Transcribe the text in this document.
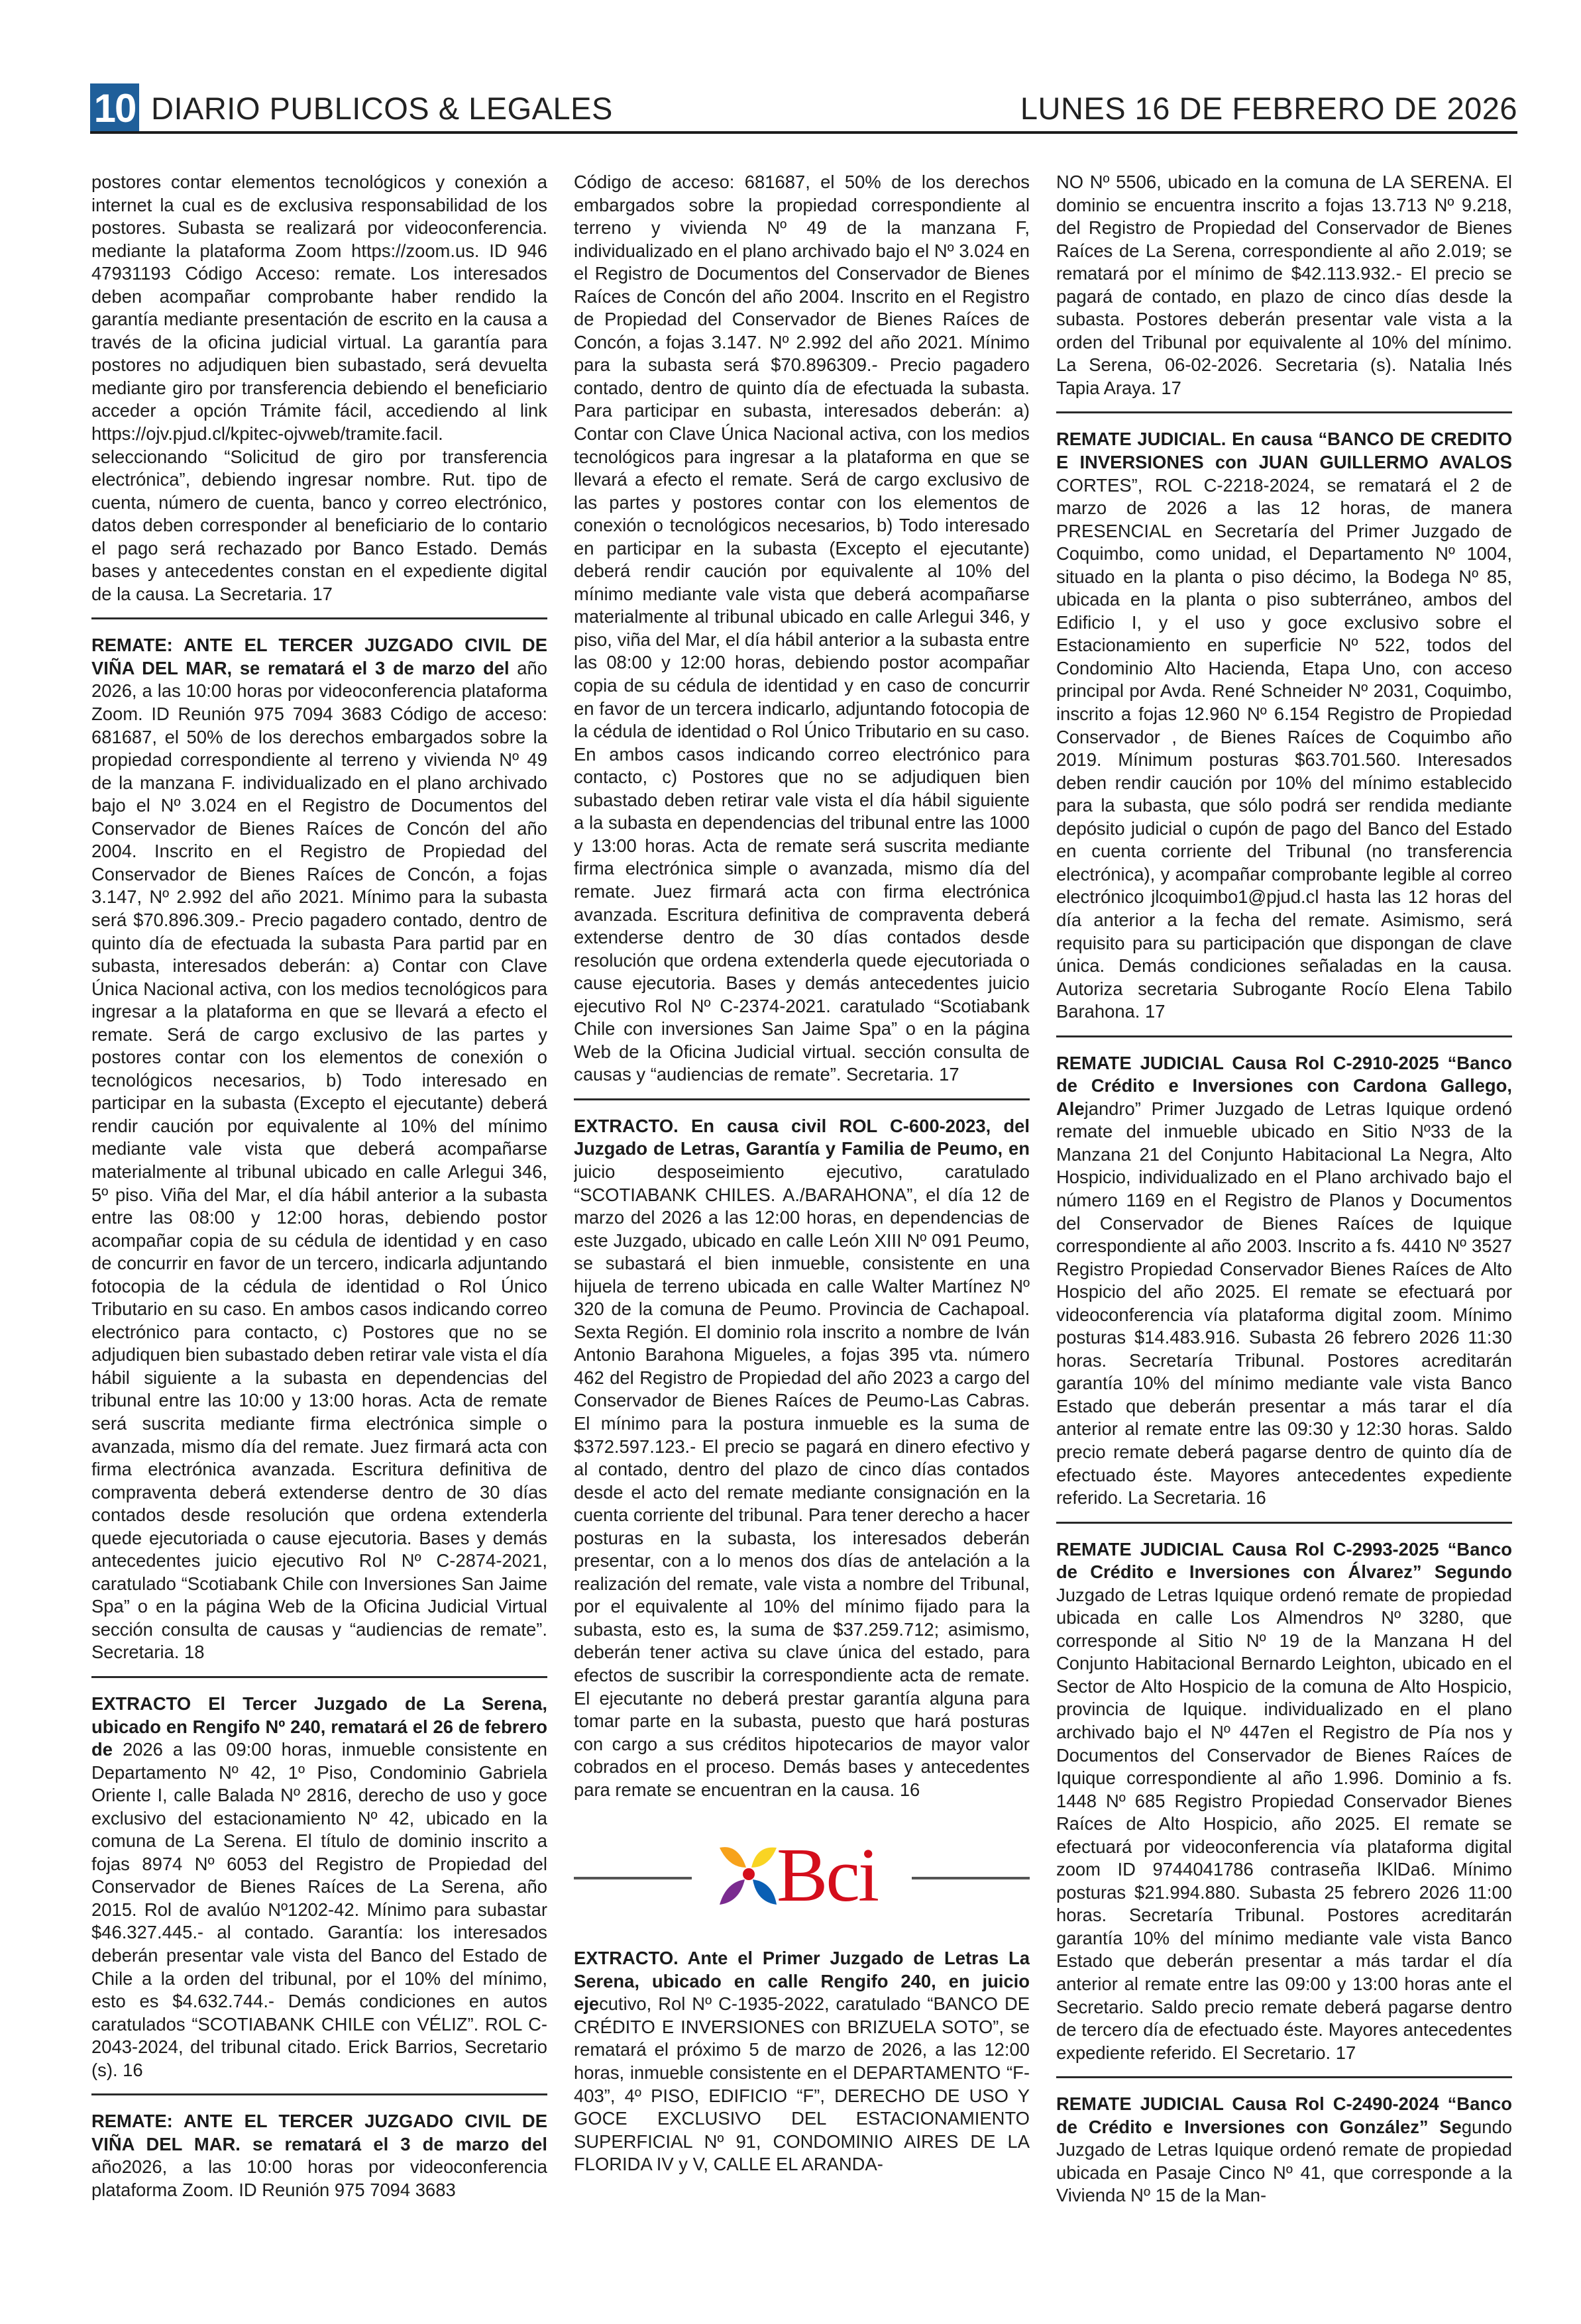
10 DIARIO PUBLICOS & LEGALES	LUNES 16 DE FEBRERO DE 2026

postores contar elementos tecnológicos y conexión a internet la cual es de exclusiva responsabilidad de los postores. Subasta se realizará por videoconferencia. mediante la plataforma Zoom https://zoom.us. ID 946 47931193 Código Acceso: remate. Los interesados deben acompañar comprobante haber rendido la garantía mediante presentación de escrito en la causa a través de la oficina judicial virtual. La garantía para postores no adjudiquen bien subastado, será devuelta mediante giro por transferencia debiendo el beneficiario acceder a opción Trámite fácil, accediendo al link https://ojv.pjud.cl/kpitec-ojvweb/tramite.facil. seleccionando “Solicitud de giro por transferencia electrónica”, debiendo ingresar nombre. Rut. tipo de cuenta, número de cuenta, banco y correo electrónico, datos deben corresponder al beneficiario de lo contario el pago será rechazado por Banco Estado. Demás bases y antecedentes constan en el expediente digital de la causa. La Secretaria. 17

REMATE: ANTE EL TERCER JUZGADO CIVIL DE VIÑA DEL MAR, se rematará el 3 de marzo del año 2026, a las 10:00 horas por videoconferencia plataforma Zoom. ID Reunión 975 7094 3683 Código de acceso: 681687, el 50% de los derechos embargados sobre la propiedad correspondiente al terreno y vivienda Nº 49 de la manzana F. individualizado en el plano archivado bajo el Nº 3.024 en el Registro de Documentos del Conservador de Bienes Raíces de Concón del año 2004. Inscrito en el Registro de Propiedad del Conservador de Bienes Raíces de Concón, a fojas 3.147, Nº 2.992 del año 2021. Mínimo para la subasta será $70.896.309.- Precio pagadero contado, dentro de quinto día de efectuada la subasta Para partid par en subasta, interesados deberán: a) Contar con Clave Única Nacional activa, con los medios tecnológicos para ingresar a la plataforma en que se llevará a efecto el remate. Será de cargo exclusivo de las partes y postores contar con los elementos de conexión o tecnológicos necesarios, b) Todo interesado en participar en la subasta (Excepto el ejecutante) deberá rendir caución por equivalente al 10% del mínimo mediante vale vista que deberá acompañarse materialmente al tribunal ubicado en calle Arlegui 346, 5º piso. Viña del Mar, el día hábil anterior a la subasta entre las 08:00 y 12:00 horas, debiendo postor acompañar copia de su cédula de identidad y en caso de concurrir en favor de un tercero, indicarla adjuntando fotocopia de la cédula de identidad o Rol Único Tributario en su caso. En ambos casos indicando correo electrónico para contacto, c) Postores que no se adjudiquen bien subastado deben retirar vale vista el día hábil siguiente a la subasta en dependencias del tribunal entre las 10:00 y 13:00 horas. Acta de remate será suscrita mediante firma electrónica simple o avanzada, mismo día del remate. Juez firmará acta con firma electrónica avanzada. Escritura definitiva de compraventa deberá extenderse dentro de 30 días contados desde resolución que ordena extenderla quede ejecutoriada o cause ejecutoria. Bases y demás antecedentes juicio ejecutivo Rol Nº C-2874-2021, caratulado “Scotiabank Chile con Inversiones San Jaime Spa” o en la página Web de la Oficina Judicial Virtual sección consulta de causas y “audiencias de remate”. Secretaria. 18

EXTRACTO El Tercer Juzgado de La Serena, ubicado en Rengifo Nº 240, rematará el 26 de febrero de 2026 a las 09:00 horas, inmueble consistente en Departamento Nº 42, 1º Piso, Condominio Gabriela Oriente I, calle Balada Nº 2816, derecho de uso y goce exclusivo del estacionamiento Nº 42, ubicado en la comuna de La Serena. El título de dominio inscrito a fojas 8974 Nº 6053 del Registro de Propiedad del Conservador de Bienes Raíces de La Serena, año 2015. Rol de avalúo Nº1202-42. Mínimo para subastar $46.327.445.- al contado. Garantía: los interesados deberán presentar vale vista del Banco del Estado de Chile a la orden del tribunal, por el 10% del mínimo, esto es $4.632.744.- Demás condiciones en autos caratulados “SCOTIABANK CHILE con VÉLIZ”. ROL C-2043-2024, del tribunal citado. Erick Barrios, Secretario (s). 16

REMATE: ANTE EL TERCER JUZGADO CIVIL DE VIÑA DEL MAR. se rematará el 3 de marzo del año2026, a las 10:00 horas por videoconferencia plataforma Zoom. ID Reunión 975 7094 3683

Código de acceso: 681687, el 50% de los derechos embargados sobre la propiedad correspondiente al terreno y vivienda Nº 49 de la manzana F, individualizado en el plano archivado bajo el Nº 3.024 en el Registro de Documentos del Conservador de Bienes Raíces de Concón del año 2004. Inscrito en el Registro de Propiedad del Conservador de Bienes Raíces de Concón, a fojas 3.147. Nº 2.992 del año 2021. Mínimo para la subasta será $70.896309.- Precio pagadero contado, dentro de quinto día de efectuada la subasta. Para participar en subasta, interesados deberán: a) Contar con Clave Única Nacional activa, con los medios tecnológicos para ingresar a la plataforma en que se llevará a efecto el remate. Será de cargo exclusivo de las partes y postores contar con los elementos de conexión o tecnológicos necesarios, b) Todo interesado en participar en la subasta (Excepto el ejecutante) deberá rendir caución por equivalente al 10% del mínimo mediante vale vista que deberá acompañarse materialmente al tribunal ubicado en calle Arlegui 346, y piso, viña del Mar, el día hábil anterior a la subasta entre las 08:00 y 12:00 horas, debiendo postor acompañar copia de su cédula de identidad y en caso de concurrir en favor de un tercera indicarlo, adjuntando fotocopia de la cédula de identidad o Rol Único Tributario en su caso. En ambos casos indicando correo electrónico para contacto, c) Postores que no se adjudiquen bien subastado deben retirar vale vista el día hábil siguiente a la subasta en dependencias del tribunal entre las 1000 y 13:00 horas. Acta de remate será suscrita mediante firma electrónica simple o avanzada, mismo día del remate. Juez firmará acta con firma electrónica avanzada. Escritura definitiva de compraventa deberá extenderse dentro de 30 días contados desde resolución que ordena extenderla quede ejecutoriada o cause ejecutoria. Bases y demás antecedentes juicio ejecutivo Rol Nº C-2374-2021. caratulado “Scotiabank Chile con inversiones San Jaime Spa” o en la página Web de la Oficina Judicial virtual. sección consulta de causas y “audiencias de remate”. Secretaria. 17

EXTRACTO. En causa civil ROL C-600-2023, del Juzgado de Letras, Garantía y Familia de Peumo, en juicio desposeimiento ejecutivo, caratulado “SCOTIABANK CHILES. A./BARAHONA”, el día 12 de marzo del 2026 a las 12:00 horas, en dependencias de este Juzgado, ubicado en calle León XIII Nº 091 Peumo, se subastará el bien inmueble, consistente en una hijuela de terreno ubicada en calle Walter Martínez Nº 320 de la comuna de Peumo. Provincia de Cachapoal. Sexta Región. El dominio rola inscrito a nombre de Iván Antonio Barahona Migueles, a fojas 395 vta. número 462 del Registro de Propiedad del año 2023 a cargo del Conservador de Bienes Raíces de Peumo-Las Cabras. El mínimo para la postura inmueble es la suma de $372.597.123.- El precio se pagará en dinero efectivo y al contado, dentro del plazo de cinco días contados desde el acto del remate mediante consignación en la cuenta corriente del tribunal. Para tener derecho a hacer posturas en la subasta, los interesados deberán presentar, con a lo menos dos días de antelación a la realización del remate, vale vista a nombre del Tribunal, por el equivalente al 10% del mínimo fijado para la subasta, esto es, la suma de $37.259.712; asimismo, deberán tener activa su clave única del estado, para efectos de suscribir la correspondiente acta de remate. El ejecutante no deberá prestar garantía alguna para tomar parte en la subasta, puesto que hará posturas con cargo a sus créditos hipotecarios de mayor valor cobrados en el proceso. Demás bases y antecedentes para remate se encuentran en la causa. 16

Bci

EXTRACTO. Ante el Primer Juzgado de Letras La Serena, ubicado en calle Rengifo 240, en juicio ejecutivo, Rol Nº C-1935-2022, caratulado “BANCO DE CRÉDITO E INVERSIONES con BRIZUELA SOTO”, se rematará el próximo 5 de marzo de 2026, a las 12:00 horas, inmueble consistente en el DEPARTAMENTO “F-403”, 4º PISO, EDIFICIO “F”, DERECHO DE USO Y GOCE EXCLUSIVO DEL ESTACIONAMIENTO SUPERFICIAL Nº 91, CONDOMINIO AIRES DE LA FLORIDA IV y V, CALLE EL ARANDA-

NO Nº 5506, ubicado en la comuna de LA SERENA. El dominio se encuentra inscrito a fojas 13.713 Nº 9.218, del Registro de Propiedad del Conservador de Bienes Raíces de La Serena, correspondiente al año 2.019; se rematará por el mínimo de $42.113.932.- El precio se pagará de contado, en plazo de cinco días desde la subasta. Postores deberán presentar vale vista a la orden del Tribunal por equivalente al 10% del mínimo. La Serena, 06-02-2026. Secretaria (s). Natalia Inés Tapia Araya. 17

REMATE JUDICIAL. En causa “BANCO DE CREDITO E INVERSIONES con JUAN GUILLERMO AVALOS CORTES”, ROL C-2218-2024, se rematará el 2 de marzo de 2026 a las 12 horas, de manera PRESENCIAL en Secretaría del Primer Juzgado de Coquimbo, como unidad, el Departamento Nº 1004, situado en la planta o piso décimo, la Bodega Nº 85, ubicada en la planta o piso subterráneo, ambos del Edificio I, y el uso y goce exclusivo sobre el Estacionamiento en superficie Nº 522, todos del Condominio Alto Hacienda, Etapa Uno, con acceso principal por Avda. René Schneider Nº 2031, Coquimbo, inscrito a fojas 12.960 Nº 6.154 Registro de Propiedad Conservador , de Bienes Raíces de Coquimbo año 2019. Mínimum posturas $63.701.560. Interesados deben rendir caución por 10% del mínimo establecido para la subasta, que sólo podrá ser rendida mediante depósito judicial o cupón de pago del Banco del Estado en cuenta corriente del Tribunal (no transferencia electrónica), y acompañar comprobante legible al correo electrónico jlcoquimbo1@pjud.cl hasta las 12 horas del día anterior a la fecha del remate. Asimismo, será requisito para su participación que dispongan de clave única. Demás condiciones señaladas en la causa. Autoriza secretaria Subrogante Rocío Elena Tabilo Barahona. 17

REMATE JUDICIAL Causa Rol C-2910-2025 “Banco de Crédito e Inversiones con Cardona Gallego, Alejandro” Primer Juzgado de Letras Iquique ordenó remate del inmueble ubicado en Sitio Nº33 de la Manzana 21 del Conjunto Habitacional La Negra, Alto Hospicio, individualizado en el Plano archivado bajo el número 1169 en el Registro de Planos y Documentos del Conservador de Bienes Raíces de Iquique correspondiente al año 2003. Inscrito a fs. 4410 Nº 3527 Registro Propiedad Conservador Bienes Raíces de Alto Hospicio del año 2025. El remate se efectuará por videoconferencia vía plataforma digital zoom. Mínimo posturas $14.483.916. Subasta 26 febrero 2026 11:30 horas. Secretaría Tribunal. Postores acreditarán garantía 10% del mínimo mediante vale vista Banco Estado que deberán presentar a más tarar el día anterior al remate entre las 09:30 y 12:30 horas. Saldo precio remate deberá pagarse dentro de quinto día de efectuado éste. Mayores antecedentes expediente referido. La Secretaria. 16

REMATE JUDICIAL Causa Rol C-2993-2025 “Banco de Crédito e Inversiones con Álvarez” Segundo Juzgado de Letras Iquique ordenó remate de propiedad ubicada en calle Los Almendros Nº 3280, que corresponde al Sitio Nº 19 de la Manzana H del Conjunto Habitacional Bernardo Leighton, ubicado en el Sector de Alto Hospicio de la comuna de Alto Hospicio, provincia de Iquique. individualizado en el plano archivado bajo el Nº 447en el Registro de Pía nos y Documentos del Conservador de Bienes Raíces de Iquique correspondiente al año 1.996. Dominio a fs. 1448 Nº 685 Registro Propiedad Conservador Bienes Raíces de Alto Hospicio, año 2025. El remate se efectuará por videoconferencia vía plataforma digital zoom ID 9744041786 contraseña lKlDa6. Mínimo posturas $21.994.880. Subasta 25 febrero 2026 11:00 horas. Secretaría Tribunal. Postores acreditarán garantía 10% del mínimo mediante vale vista Banco Estado que deberán presentar a más tardar el día anterior al remate entre las 09:00 y 13:00 horas ante el Secretario. Saldo precio remate deberá pagarse dentro de tercero día de efectuado éste. Mayores antecedentes expediente referido. El Secretario. 17

REMATE JUDICIAL Causa Rol C-2490-2024 “Banco de Crédito e Inversiones con González” Segundo Juzgado de Letras Iquique ordenó remate de propiedad ubicada en Pasaje Cinco Nº 41, que corresponde a la Vivienda Nº 15 de la Man-
